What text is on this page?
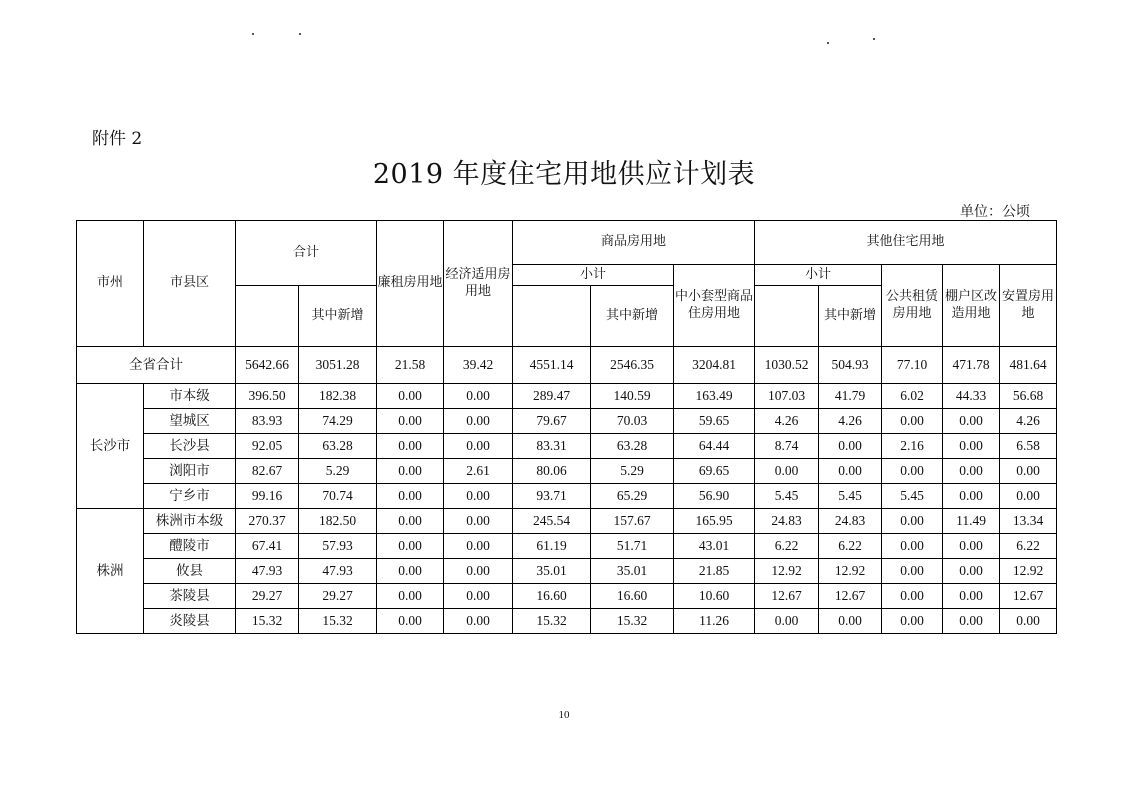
附件 2
2019 年度住宅用地供应计划表
单位：公顷
市州	市县区	合计		廉租房用地	经济适用房用地	商品房用地			其他住宅用地				
						小计		中小套型商品住房用地	小计		公共租赁房用地	棚户区改造用地	安置房用地
			其中新增				其中新增			其中新增			
全省合计		5642.66	3051.28	21.58	39.42	4551.14	2546.35	3204.81	1030.52	504.93	77.10	471.78	481.64
长沙市	市本级	396.50	182.38	0.00	0.00	289.47	140.59	163.49	107.03	41.79	6.02	44.33	56.68
	望城区	83.93	74.29	0.00	0.00	79.67	70.03	59.65	4.26	4.26	0.00	0.00	4.26
	长沙县	92.05	63.28	0.00	0.00	83.31	63.28	64.44	8.74	0.00	2.16	0.00	6.58
	浏阳市	82.67	5.29	0.00	2.61	80.06	5.29	69.65	0.00	0.00	0.00	0.00	0.00
	宁乡市	99.16	70.74	0.00	0.00	93.71	65.29	56.90	5.45	5.45	5.45	0.00	0.00
株洲	株洲市本级	270.37	182.50	0.00	0.00	245.54	157.67	165.95	24.83	24.83	0.00	11.49	13.34
	醴陵市	67.41	57.93	0.00	0.00	61.19	51.71	43.01	6.22	6.22	0.00	0.00	6.22
	攸县	47.93	47.93	0.00	0.00	35.01	35.01	21.85	12.92	12.92	0.00	0.00	12.92
	茶陵县	29.27	29.27	0.00	0.00	16.60	16.60	10.60	12.67	12.67	0.00	0.00	12.67
	炎陵县	15.32	15.32	0.00	0.00	15.32	15.32	11.26	0.00	0.00	0.00	0.00	0.00
10
